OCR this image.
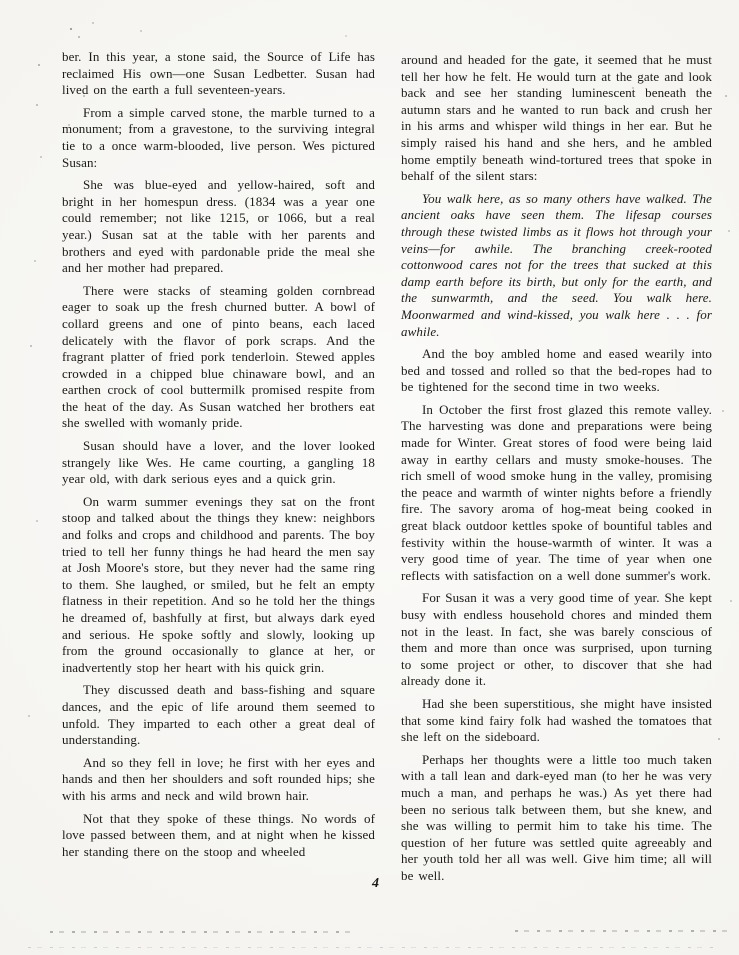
ber. In this year, a stone said, the Source of Life has reclaimed His own—one Susan Ledbetter. Susan had lived on the earth a full seventeen-years.

From a simple carved stone, the marble turned to a monument; from a gravestone, to the surviving integral tie to a once warm-blooded, live person. Wes pictured Susan:

She was blue-eyed and yellow-haired, soft and bright in her homespun dress. (1834 was a year one could remember; not like 1215, or 1066, but a real year.) Susan sat at the table with her parents and brothers and eyed with pardonable pride the meal she and her mother had prepared.

There were stacks of steaming golden cornbread eager to soak up the fresh churned butter. A bowl of collard greens and one of pinto beans, each laced delicately with the flavor of pork scraps. And the fragrant platter of fried pork tenderloin. Stewed apples crowded in a chipped blue chinaware bowl, and an earthen crock of cool buttermilk promised respite from the heat of the day. As Susan watched her brothers eat she swelled with womanly pride.

Susan should have a lover, and the lover looked strangely like Wes. He came courting, a gangling 18 year old, with dark serious eyes and a quick grin.

On warm summer evenings they sat on the front stoop and talked about the things they knew: neighbors and folks and crops and childhood and parents. The boy tried to tell her funny things he had heard the men say at Josh Moore's store, but they never had the same ring to them. She laughed, or smiled, but he felt an empty flatness in their repetition. And so he told her the things he dreamed of, bashfully at first, but always dark eyed and serious. He spoke softly and slowly, looking up from the ground occasionally to glance at her, or inadvertently stop her heart with his quick grin.

They discussed death and bass-fishing and square dances, and the epic of life around them seemed to unfold. They imparted to each other a great deal of understanding.

And so they fell in love; he first with her eyes and hands and then her shoulders and soft rounded hips; she with his arms and neck and wild brown hair.

Not that they spoke of these things. No words of love passed between them, and at night when he kissed her standing there on the stoop and wheeled

around and headed for the gate, it seemed that he must tell her how he felt. He would turn at the gate and look back and see her standing luminescent beneath the autumn stars and he wanted to run back and crush her in his arms and whisper wild things in her ear. But he simply raised his hand and she hers, and he ambled home emptily beneath wind-tortured trees that spoke in behalf of the silent stars:

You walk here, as so many others have walked. The ancient oaks have seen them. The lifesap courses through these twisted limbs as it flows hot through your veins—for awhile. The branching creek-rooted cottonwood cares not for the trees that sucked at this damp earth before its birth, but only for the earth, and the sunwarmth, and the seed. You walk here. Moonwarmed and wind-kissed, you walk here . . . for awhile.

And the boy ambled home and eased wearily into bed and tossed and rolled so that the bed-ropes had to be tightened for the second time in two weeks.

In October the first frost glazed this remote valley. The harvesting was done and preparations were being made for Winter. Great stores of food were being laid away in earthy cellars and musty smoke-houses. The rich smell of wood smoke hung in the valley, promising the peace and warmth of winter nights before a friendly fire. The savory aroma of hog-meat being cooked in great black outdoor kettles spoke of bountiful tables and festivity within the house-warmth of winter. It was a very good time of year. The time of year when one reflects with satisfaction on a well done summer's work.

For Susan it was a very good time of year. She kept busy with endless household chores and minded them not in the least. In fact, she was barely conscious of them and more than once was surprised, upon turning to some project or other, to discover that she had already done it.

Had she been superstitious, she might have insisted that some kind fairy folk had washed the tomatoes that she left on the sideboard.

Perhaps her thoughts were a little too much taken with a tall lean and dark-eyed man (to her he was very much a man, and perhaps he was.) As yet there had been no serious talk between them, but she knew, and she was willing to permit him to take his time. The question of her future was settled quite agreeably and her youth told her all was well. Give him time; all will be well.

4
